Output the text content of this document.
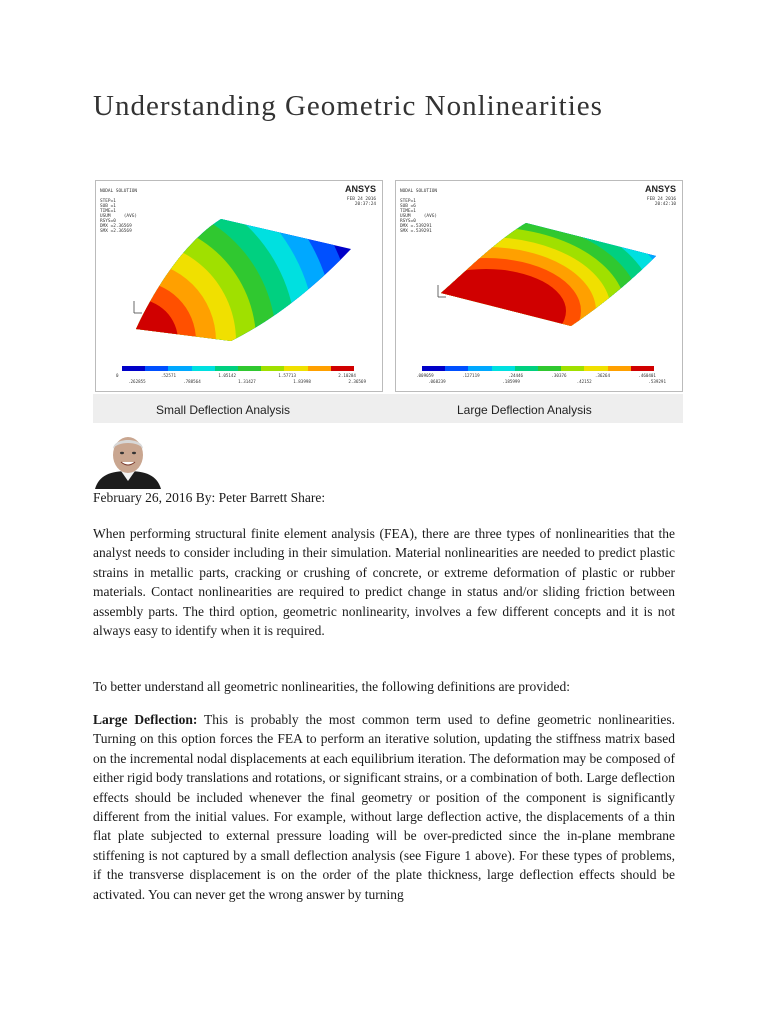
Understanding Geometric Nonlinearities
NODAL SOLUTION

STEP=1
SUB =1
TIME=1
USUM     (AVG)
RSYS=0
DMX =2.36569
SMX =2.36569
ANSYS
FEB 24 2016
20:37:24
0	.52571	1.05142	1.57713	2.10284
.262855	.788564	1.31427	1.83998	2.36569
NODAL SOLUTION

STEP=1
SUB =6
TIME=1
USUM     (AVG)
RSYS=0
DMX =.539291
SMX =.539291
ANSYS
FEB 24 2016
20:42:10
.009059	.127119	.24446	.30376	.36264	.460401
.068239	.185999	.42152	.539291
Small Deflection Analysis	Large Deflection Analysis

February 26, 2016 By: Peter Barrett Share:

When performing structural finite element analysis (FEA), there are three types of nonlinearities that the analyst needs to consider including in their simulation. Material nonlinearities are needed to predict plastic strains in metallic parts, cracking or crushing of concrete, or extreme deformation of plastic or rubber materials. Contact nonlinearities are required to predict change in status and/or sliding friction between assembly parts. The third option, geometric nonlinearity, involves a few different concepts and it is not always easy to identify when it is required.

To better understand all geometric nonlinearities, the following definitions are provided:

Large Deflection: This is probably the most common term used to define geometric nonlinearities. Turning on this option forces the FEA to perform an iterative solution, updating the stiffness matrix based on the incremental nodal displacements at each equilibrium iteration. The deformation may be composed of either rigid body translations and rotations, or significant strains, or a combination of both. Large deflection effects should be included whenever the final geometry or position of the component is significantly different from the initial values. For example, without large deflection active, the displacements of a thin flat plate subjected to external pressure loading will be over-predicted since the in-plane membrane stiffening is not captured by a small deflection analysis (see Figure 1 above). For these types of problems, if the transverse displacement is on the order of the plate thickness, large deflection effects should be activated. You can never get the wrong answer by turning
